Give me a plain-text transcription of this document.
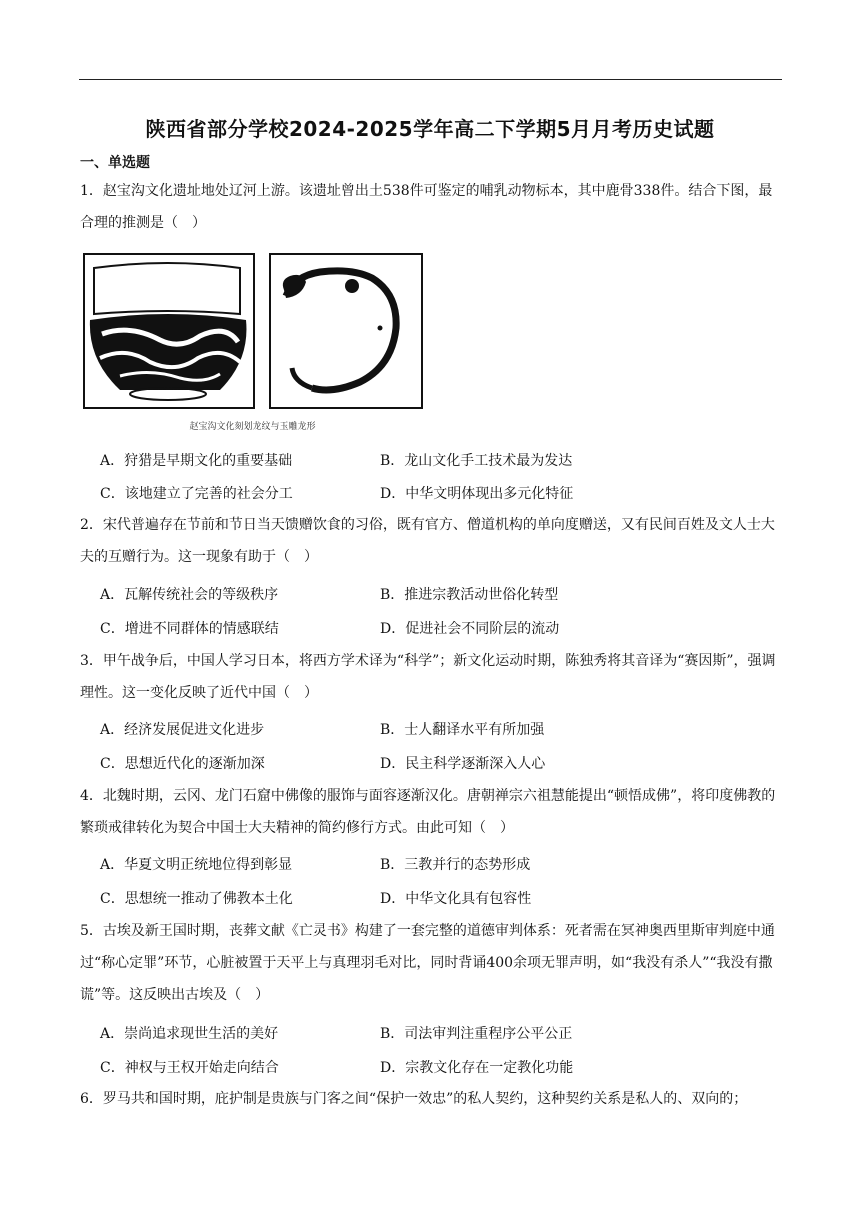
陕西省部分学校2024-2025学年高二下学期5月月考历史试题
一、单选题
1．赵宝沟文化遗址地处辽河上游。该遗址曾出土538件可鉴定的哺乳动物标本，其中鹿骨338件。结合下图，最合理的推测是（　）
赵宝沟文化刻划龙纹与玉雕龙形
A．狩猎是早期文化的重要基础	B．龙山文化手工技术最为发达
C．该地建立了完善的社会分工	D．中华文明体现出多元化特征
2．宋代普遍存在节前和节日当天馈赠饮食的习俗，既有官方、僧道机构的单向度赠送，又有民间百姓及文人士大夫的互赠行为。这一现象有助于（　）
A．瓦解传统社会的等级秩序	B．推进宗教活动世俗化转型
C．增进不同群体的情感联结	D．促进社会不同阶层的流动
3．甲午战争后，中国人学习日本，将西方学术译为“科学”；新文化运动时期，陈独秀将其音译为“赛因斯”，强调理性。这一变化反映了近代中国（　）
A．经济发展促进文化进步	B．士人翻译水平有所加强
C．思想近代化的逐渐加深	D．民主科学逐渐深入人心
4．北魏时期，云冈、龙门石窟中佛像的服饰与面容逐渐汉化。唐朝禅宗六祖慧能提出“顿悟成佛”，将印度佛教的繁琐戒律转化为契合中国士大夫精神的简约修行方式。由此可知（　）
A．华夏文明正统地位得到彰显	B．三教并行的态势形成
C．思想统一推动了佛教本土化	D．中华文化具有包容性
5．古埃及新王国时期，丧葬文献《亡灵书》构建了一套完整的道德审判体系：死者需在冥神奥西里斯审判庭中通过“称心定罪”环节，心脏被置于天平上与真理羽毛对比，同时背诵400余项无罪声明，如“我没有杀人”“我没有撒谎”等。这反映出古埃及（　）
A．崇尚追求现世生活的美好	B．司法审判注重程序公平公正
C．神权与王权开始走向结合	D．宗教文化存在一定教化功能
6．罗马共和国时期，庇护制是贵族与门客之间“保护一效忠”的私人契约，这种契约关系是私人的、双向的；
